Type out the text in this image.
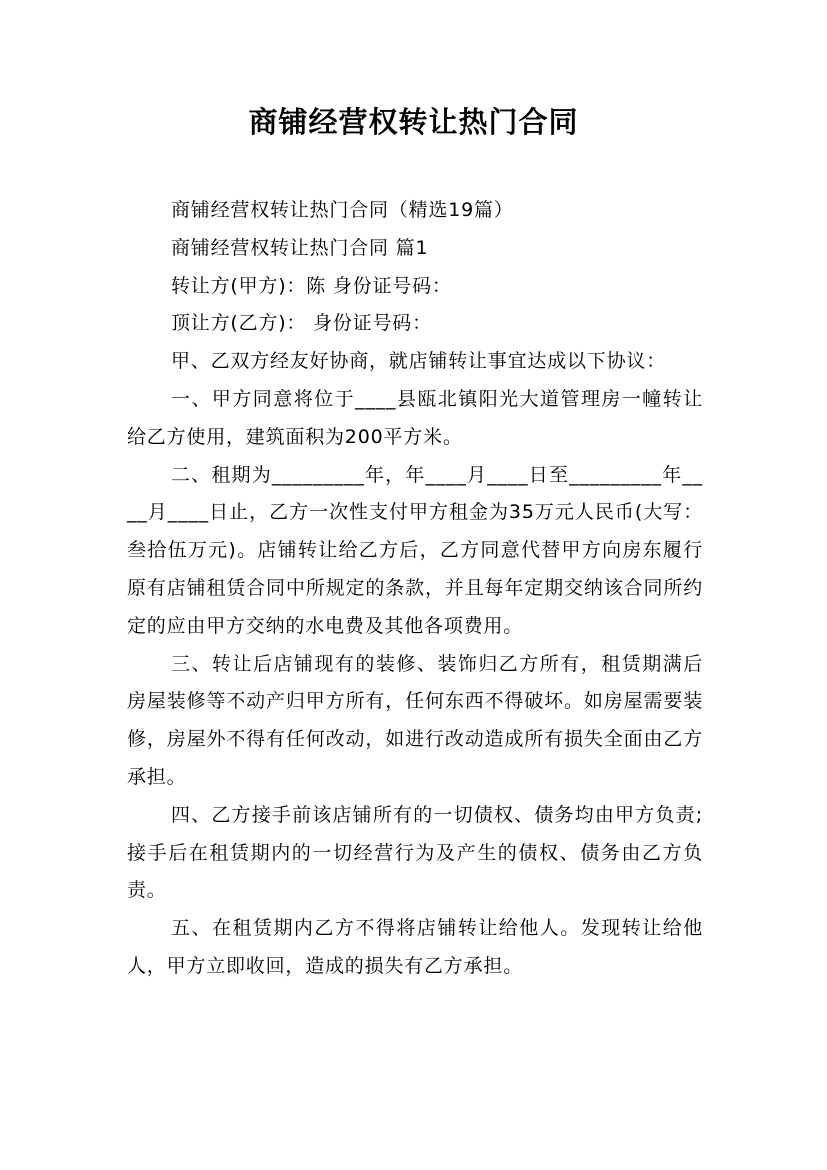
商铺经营权转让热门合同

商铺经营权转让热门合同（精选19篇）

商铺经营权转让热门合同 篇1

转让方(甲方)：陈 身份证号码：

顶让方(乙方)： 身份证号码：

甲、乙双方经友好协商，就店铺转让事宜达成以下协议：

一、甲方同意将位于____县瓯北镇阳光大道管理房一幢转让给乙方使用，建筑面积为200平方米。

二、租期为_________年，年____月____日至_________年____月____日止，乙方一次性支付甲方租金为35万元人民币(大写：叁拾伍万元)。店铺转让给乙方后，乙方同意代替甲方向房东履行原有店铺租赁合同中所规定的条款，并且每年定期交纳该合同所约定的应由甲方交纳的水电费及其他各项费用。

三、转让后店铺现有的装修、装饰归乙方所有，租赁期满后房屋装修等不动产归甲方所有，任何东西不得破坏。如房屋需要装修，房屋外不得有任何改动，如进行改动造成所有损失全面由乙方承担。

四、乙方接手前该店铺所有的一切债权、债务均由甲方负责;接手后在租赁期内的一切经营行为及产生的债权、债务由乙方负责。

五、在租赁期内乙方不得将店铺转让给他人。发现转让给他人，甲方立即收回，造成的损失有乙方承担。
